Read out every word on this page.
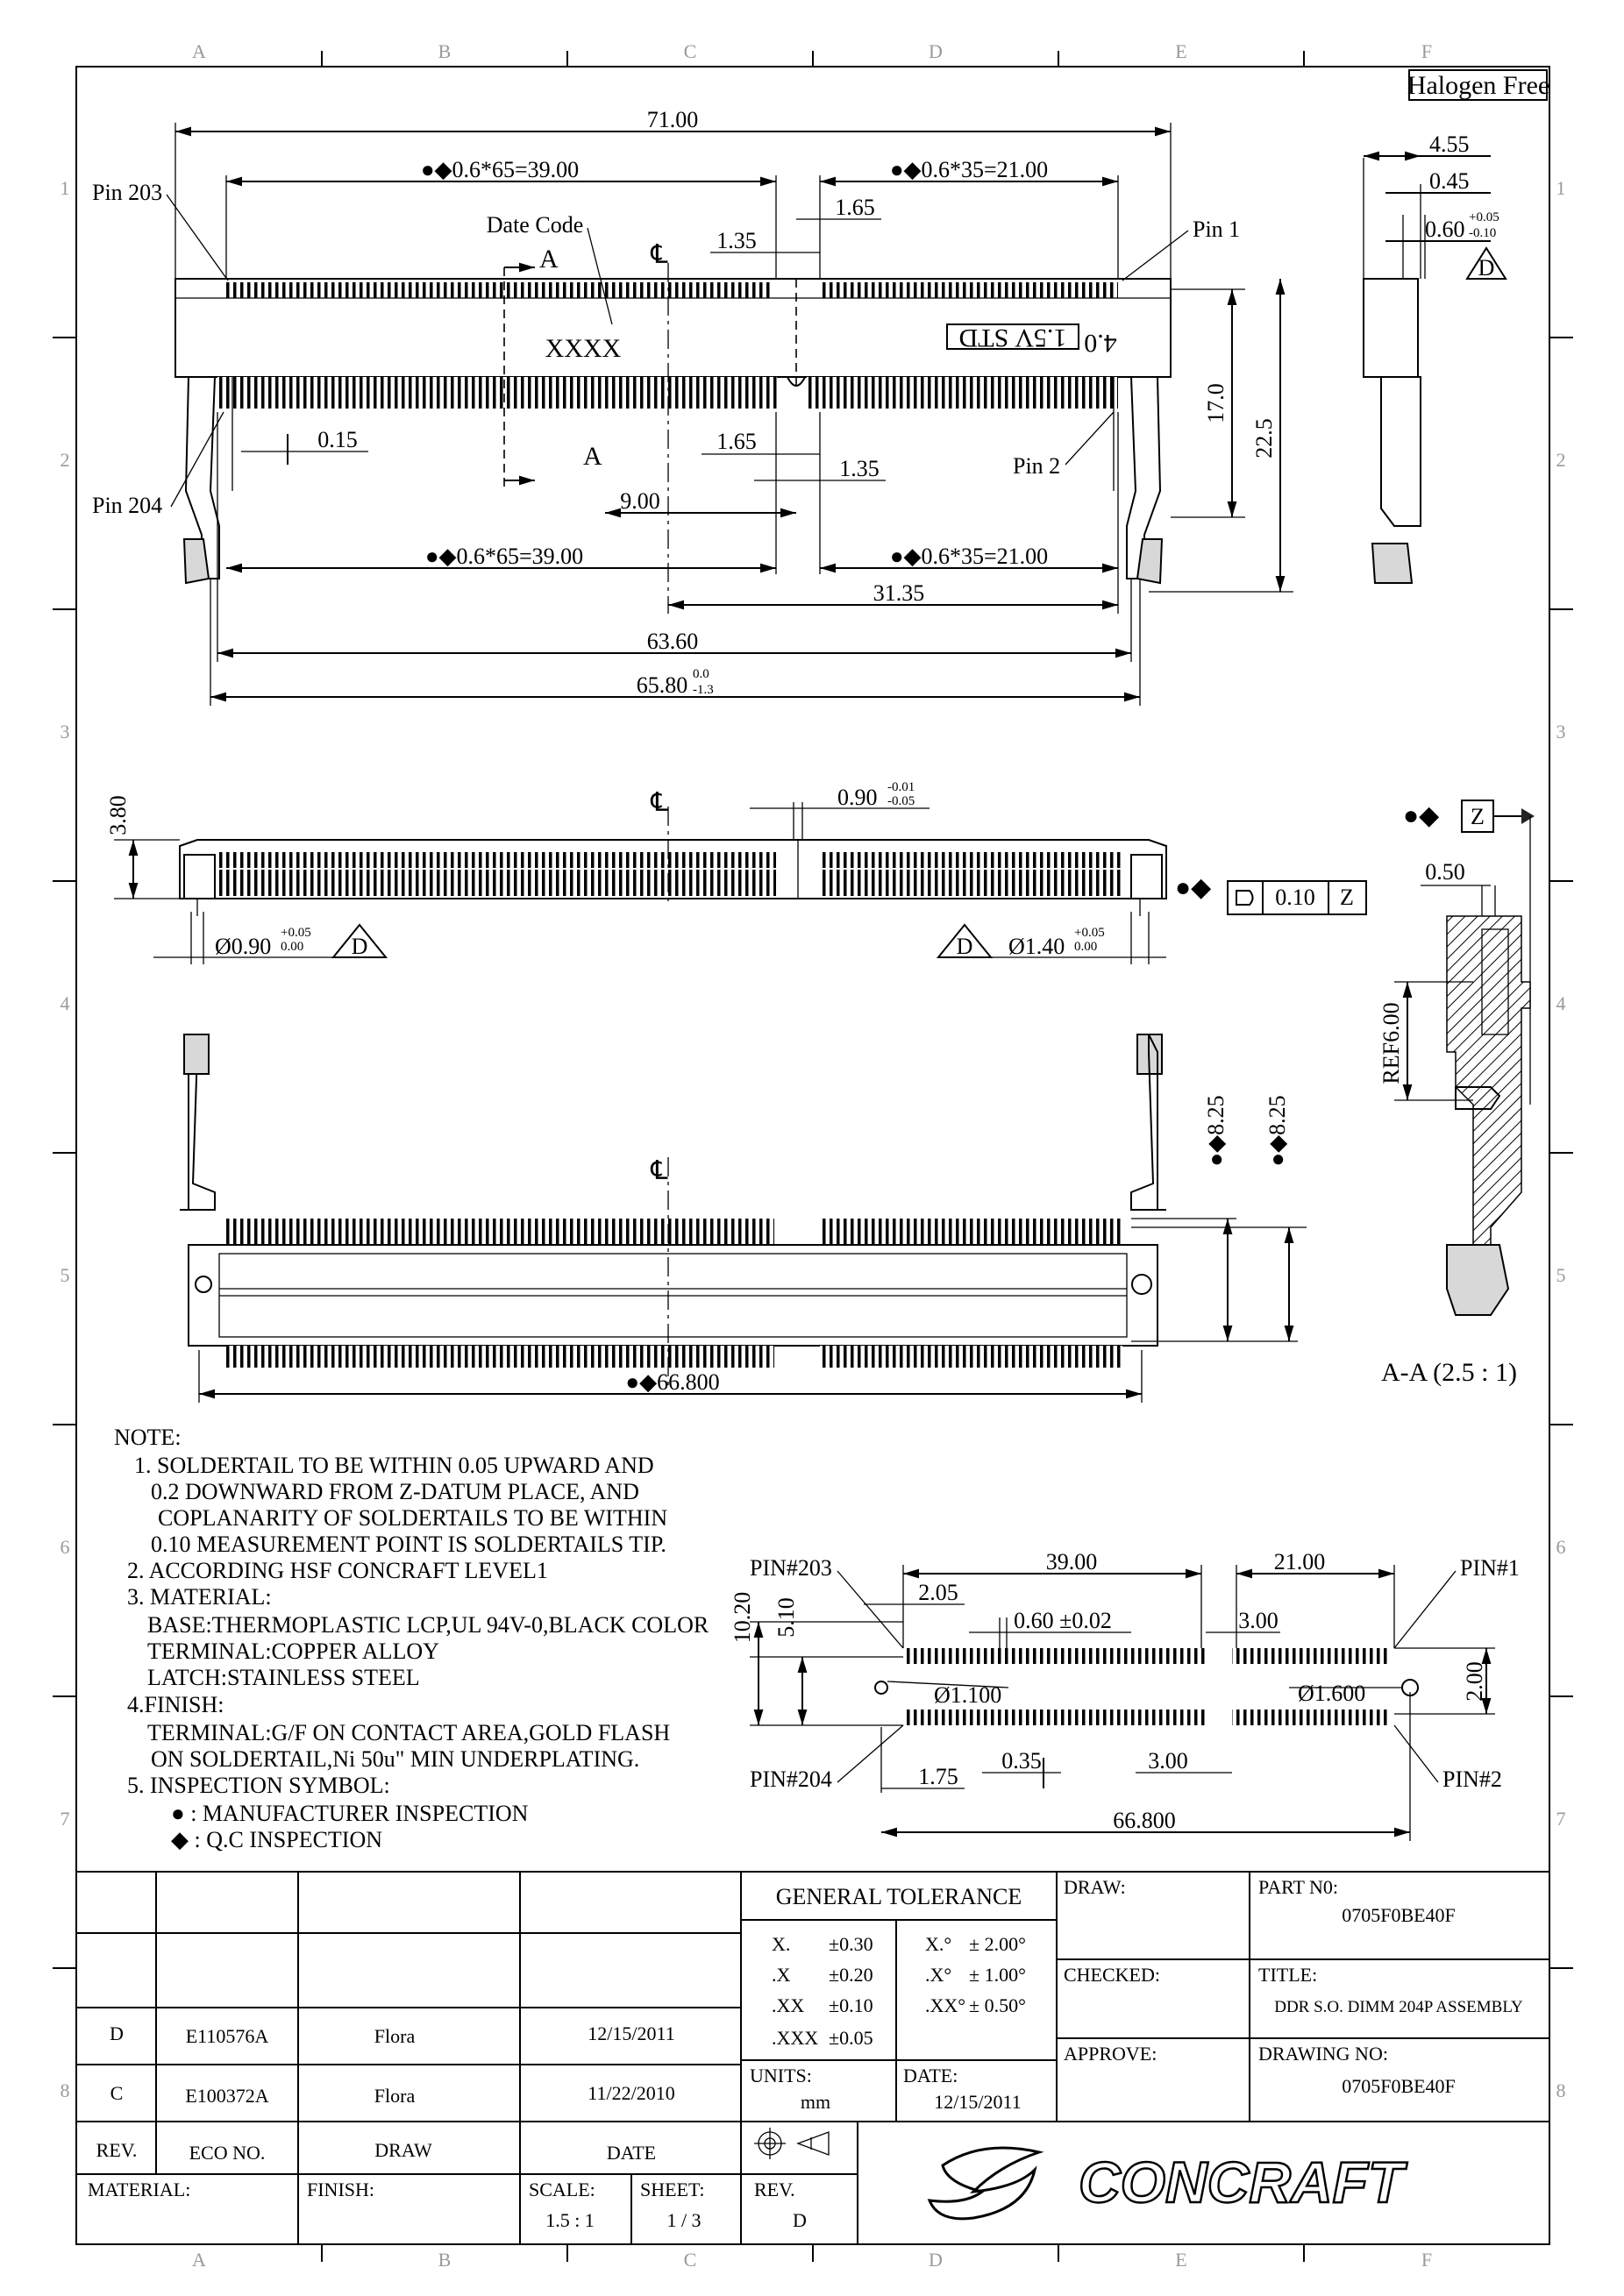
A	B	C	D	E	F
A	B	C	D	E	F
1
2
3
4
5
6
7
8
1
2
3
4
5
6
7
8
Halogen Free
1.5V STD 4.0
XXXX
℄
A
A
71.00
●◆0.6*65=39.00	●◆0.6*35=21.00
1.65
1.35
Date Code
Pin 203
Pin 1
Pin 204
Pin 2
0.15	1.65
1.35
9.00
●◆0.6*65=39.00	●◆0.6*35=21.00
31.35
63.60
65.80 0.0
-1.3
17.0
22.5
4.55
0.45
0.60 +0.05
-0.10
D
℄
3.80	0.90 -0.01
-0.05
Ø0.90
+0.05
0.00 D	Ø1.40
+0.05
0.00
D
●◆	0.10 Z
●◆ Z
0.50
REF6.00
A-A (2.5 : 1)
℄
●◆8.25 ●◆8.25
●◆66.800
NOTE:
1. SOLDERTAIL TO BE WITHIN 0.05 UPWARD AND
0.2 DOWNWARD FROM Z-DATUM PLACE, AND
COPLANARITY OF SOLDERTAILS TO BE WITHIN
0.10 MEASUREMENT POINT IS SOLDERTAILS TIP.
2. ACCORDING HSF CONCRAFT LEVEL1
3. MATERIAL:
BASE:THERMOPLASTIC LCP,UL 94V-0,BLACK COLOR
TERMINAL:COPPER ALLOY
LATCH:STAINLESS STEEL
4.FINISH:
TERMINAL:G/F ON CONTACT AREA,GOLD FLASH
ON SOLDERTAIL,Ni 50u" MIN UNDERPLATING.
5. INSPECTION SYMBOL:
● : MANUFACTURER INSPECTION
◆ : Q.C INSPECTION
PIN#203	PIN#1
PIN#204	PIN#2
39.00	21.00
2.05
0.60 ±0.02	3.00
10.20 5.10
Ø1.100	Ø1.600	2.00
1.75
0.35	3.00
66.800
GENERAL TOLERANCE
X. ±0.30	X.° ± 2.00°
.X ±0.20	.X° ± 1.00°
.XX ±0.10	.XX° ± 0.50°
.XXX ±0.05
UNITS:
mm
DATE:
12/15/2011
DRAW:
CHECKED:
APPROVE:
PART N0:
0705F0BE40F
TITLE:
DDR S.O. DIMM 204P ASSEMBLY
DRAWING NO:
0705F0BE40F
D	E110576A	Flora	12/15/2011
C	E100372A	Flora	11/22/2010
REV.	ECO NO.	DRAW	DATE
MATERIAL:	FINISH:	SCALE:
1.5 : 1
SHEET:
1 / 3
REV.
D
CONCRAFT
